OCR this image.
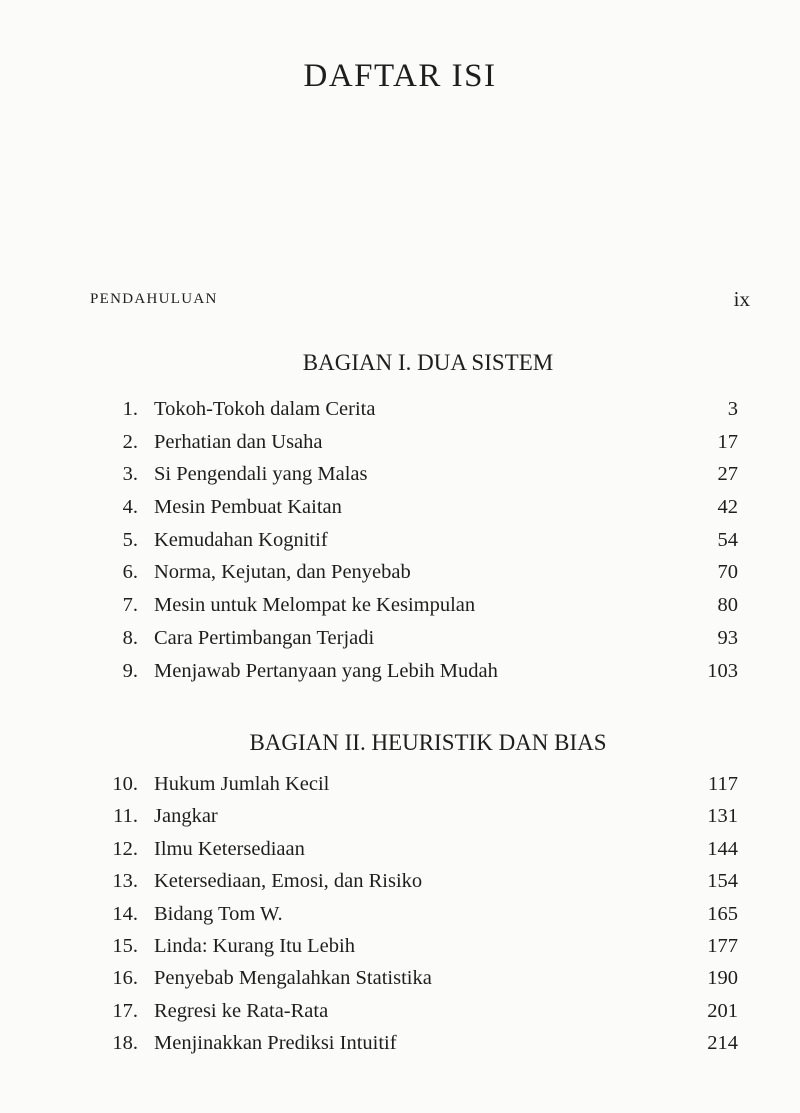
DAFTAR ISI
PENDAHULUAN	ix
BAGIAN I. DUA SISTEM
1. Tokoh-Tokoh dalam Cerita	3
2. Perhatian dan Usaha	17
3. Si Pengendali yang Malas	27
4. Mesin Pembuat Kaitan	42
5. Kemudahan Kognitif	54
6. Norma, Kejutan, dan Penyebab	70
7. Mesin untuk Melompat ke Kesimpulan	80
8. Cara Pertimbangan Terjadi	93
9. Menjawab Pertanyaan yang Lebih Mudah	103
BAGIAN II. HEURISTIK DAN BIAS
10. Hukum Jumlah Kecil	117
11. Jangkar	131
12. Ilmu Ketersediaan	144
13. Ketersediaan, Emosi, dan Risiko	154
14. Bidang Tom W.	165
15. Linda: Kurang Itu Lebih	177
16. Penyebab Mengalahkan Statistika	190
17. Regresi ke Rata-Rata	201
18. Menjinakkan Prediksi Intuitif	214
